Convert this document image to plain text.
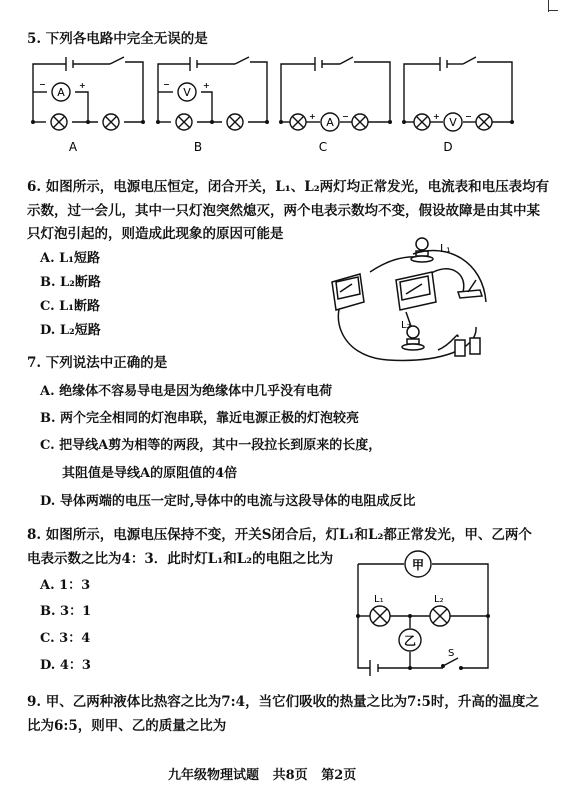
5. 下列各电路中完全无误的是
−	+	−	+
+	−	+	−
A	V
A	V
A	B	C	D
6. 如图所示，电源电压恒定，闭合开关，L₁、L₂两灯均正常发光，电流表和电压表均有
示数，过一会儿，其中一只灯泡突然熄灭，两个电表示数均不变，假设故障是由其中某
只灯泡引起的，则造成此现象的原因可能是
A. L₁短路
B. L₂断路
C. L₁断路
D. L₂短路
L₁
L₂
7. 下列说法中正确的是
A. 绝缘体不容易导电是因为绝缘体中几乎没有电荷
B. 两个完全相同的灯泡串联，靠近电源正极的灯泡较亮
C. 把导线A剪为相等的两段，其中一段拉长到原来的长度，
其阻值是导线A的原阻值的4倍
D. 导体两端的电压一定时,导体中的电流与这段导体的电阻成反比
8. 如图所示，电源电压保持不变，开关S闭合后，灯L₁和L₂都正常发光，甲、乙两个
电表示数之比为4：3．此时灯L₁和L₂的电阻之比为
A. 1：3
B. 3：1
C. 3：4
D. 4：3
甲
乙
L₁	L₂
S
9. 甲、乙两种液体比热容之比为7:4，当它们吸收的热量之比为7:5时，升高的温度之
比为6:5，则甲、乙的质量之比为
九年级物理试题   共8页   第2页
